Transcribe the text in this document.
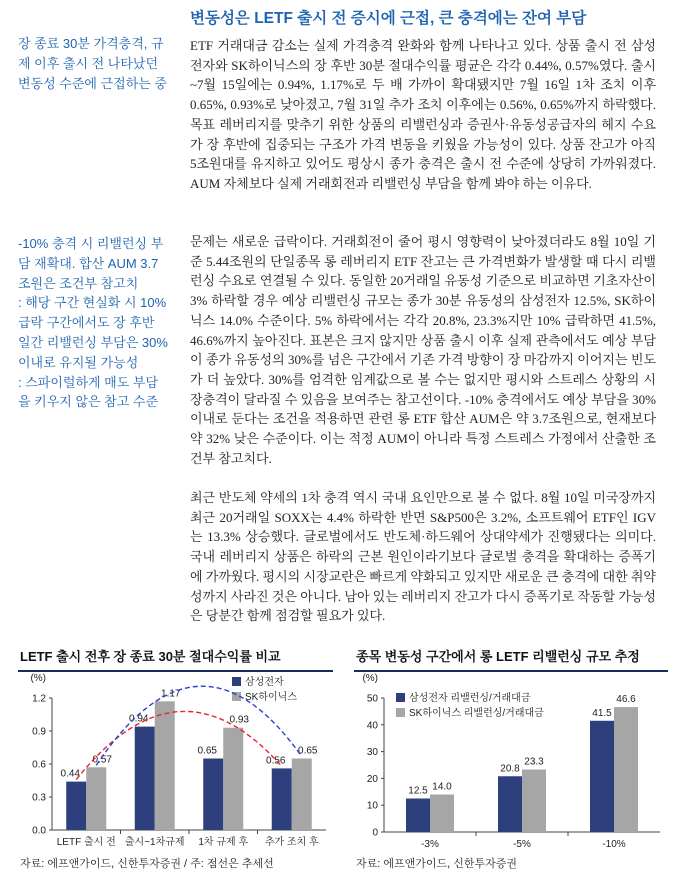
변동성은 LETF 출시 전 증시에 근접, 큰 충격에는 잔여 부담
장 종료 30분 가격충격, 규제 이후 출시 전 나타났던 변동성 수준에 근접하는 중
-10% 충격 시 리밸런싱 부담 재확대. 합산 AUM 3.7조원은 조건부 참고치
: 해당 구간 현실화 시 10% 급락 구간에서도 장 후반 일간 리밸런싱 부담은 30% 이내로 유지될 가능성
: 스파이럴하게 매도 부담을 키우지 않은 참고 수준

ETF 거래대금 감소는 실제 가격충격 완화와 함께 나타나고 있다. 상품 출시 전 삼성전자와 SK하이닉스의 장 후반 30분 절대수익률 평균은 각각 0.44%, 0.57%였다. 출시~7월 15일에는 0.94%, 1.17%로 두 배 가까이 확대됐지만 7월 16일 1차 조치 이후 0.65%, 0.93%로 낮아졌고, 7월 31일 추가 조치 이후에는 0.56%, 0.65%까지 하락했다. 목표 레버리지를 맞추기 위한 상품의 리밸런싱과 증권사·유동성공급자의 헤지 수요가 장 후반에 집중되는 구조가 가격 변동을 키웠을 가능성이 있다. 상품 잔고가 아직 5조원대를 유지하고 있어도 평상시 종가 충격은 출시 전 수준에 상당히 가까워졌다. AUM 자체보다 실제 거래회전과 리밸런싱 부담을 함께 봐야 하는 이유다.

문제는 새로운 급락이다. 거래회전이 줄어 평시 영향력이 낮아졌더라도 8월 10일 기준 5.44조원의 단일종목 롱 레버리지 ETF 잔고는 큰 가격변화가 발생할 때 다시 리밸런싱 수요로 연결될 수 있다. 동일한 20거래일 유동성 기준으로 비교하면 기초자산이 3% 하락할 경우 예상 리밸런싱 규모는 종가 30분 유동성의 삼성전자 12.5%, SK하이닉스 14.0% 수준이다. 5% 하락에서는 각각 20.8%, 23.3%지만 10% 급락하면 41.5%, 46.6%까지 높아진다. 표본은 크지 않지만 상품 출시 이후 실제 관측에서도 예상 부담이 종가 유동성의 30%를 넘은 구간에서 기존 가격 방향이 장 마감까지 이어지는 빈도가 더 높았다. 30%를 엄격한 임계값으로 볼 수는 없지만 평시와 스트레스 상황의 시장충격이 달라질 수 있음을 보여주는 참고선이다. -10% 충격에서도 예상 부담을 30% 이내로 둔다는 조건을 적용하면 관련 롱 ETF 합산 AUM은 약 3.7조원으로, 현재보다 약 32% 낮은 수준이다. 이는 적정 AUM이 아니라 특정 스트레스 가정에서 산출한 조건부 참고치다.

최근 반도체 약세의 1차 충격 역시 국내 요인만으로 볼 수 없다. 8월 10일 미국장까지 최근 20거래일 SOXX는 4.4% 하락한 반면 S&P500은 3.2%, 소프트웨어 ETF인 IGV는 13.3% 상승했다. 글로벌에서도 반도체·하드웨어 상대약세가 진행됐다는 의미다. 국내 레버리지 상품은 하락의 근본 원인이라기보다 글로벌 충격을 확대하는 증폭기에 가까웠다. 평시의 시장교란은 빠르게 약화되고 있지만 새로운 큰 충격에 대한 취약성까지 사라진 것은 아니다. 남아 있는 레버리지 잔고가 다시 증폭기로 작동할 가능성은 당분간 함께 점검할 필요가 있다.

LETF 출시 전후 장 종료 30분 절대수익률 비교
(%)
0.0
0.3
0.6
0.9
1.2
LETF 출시 전 출시~1차규제 1차 규제 후 추가 조치 후
0.44
0.94
0.65
0.56
0.57
1.17
0.93
0.65
삼성전자
SK하이닉스
자료: 에프앤가이드, 신한투자증권 / 주: 점선은 추세선
종목 변동성 구간에서 롱 LETF 리밸런싱 규모 추정
(%)
0
10
20
30
40
50
-3%	-5%	-10%
12.5
20.8
41.5
14.0
23.3
46.6
삼성전자 리밸런싱/거래대금
SK하이닉스 리밸런싱/거래대금
자료: 에프앤가이드, 신한투자증권
